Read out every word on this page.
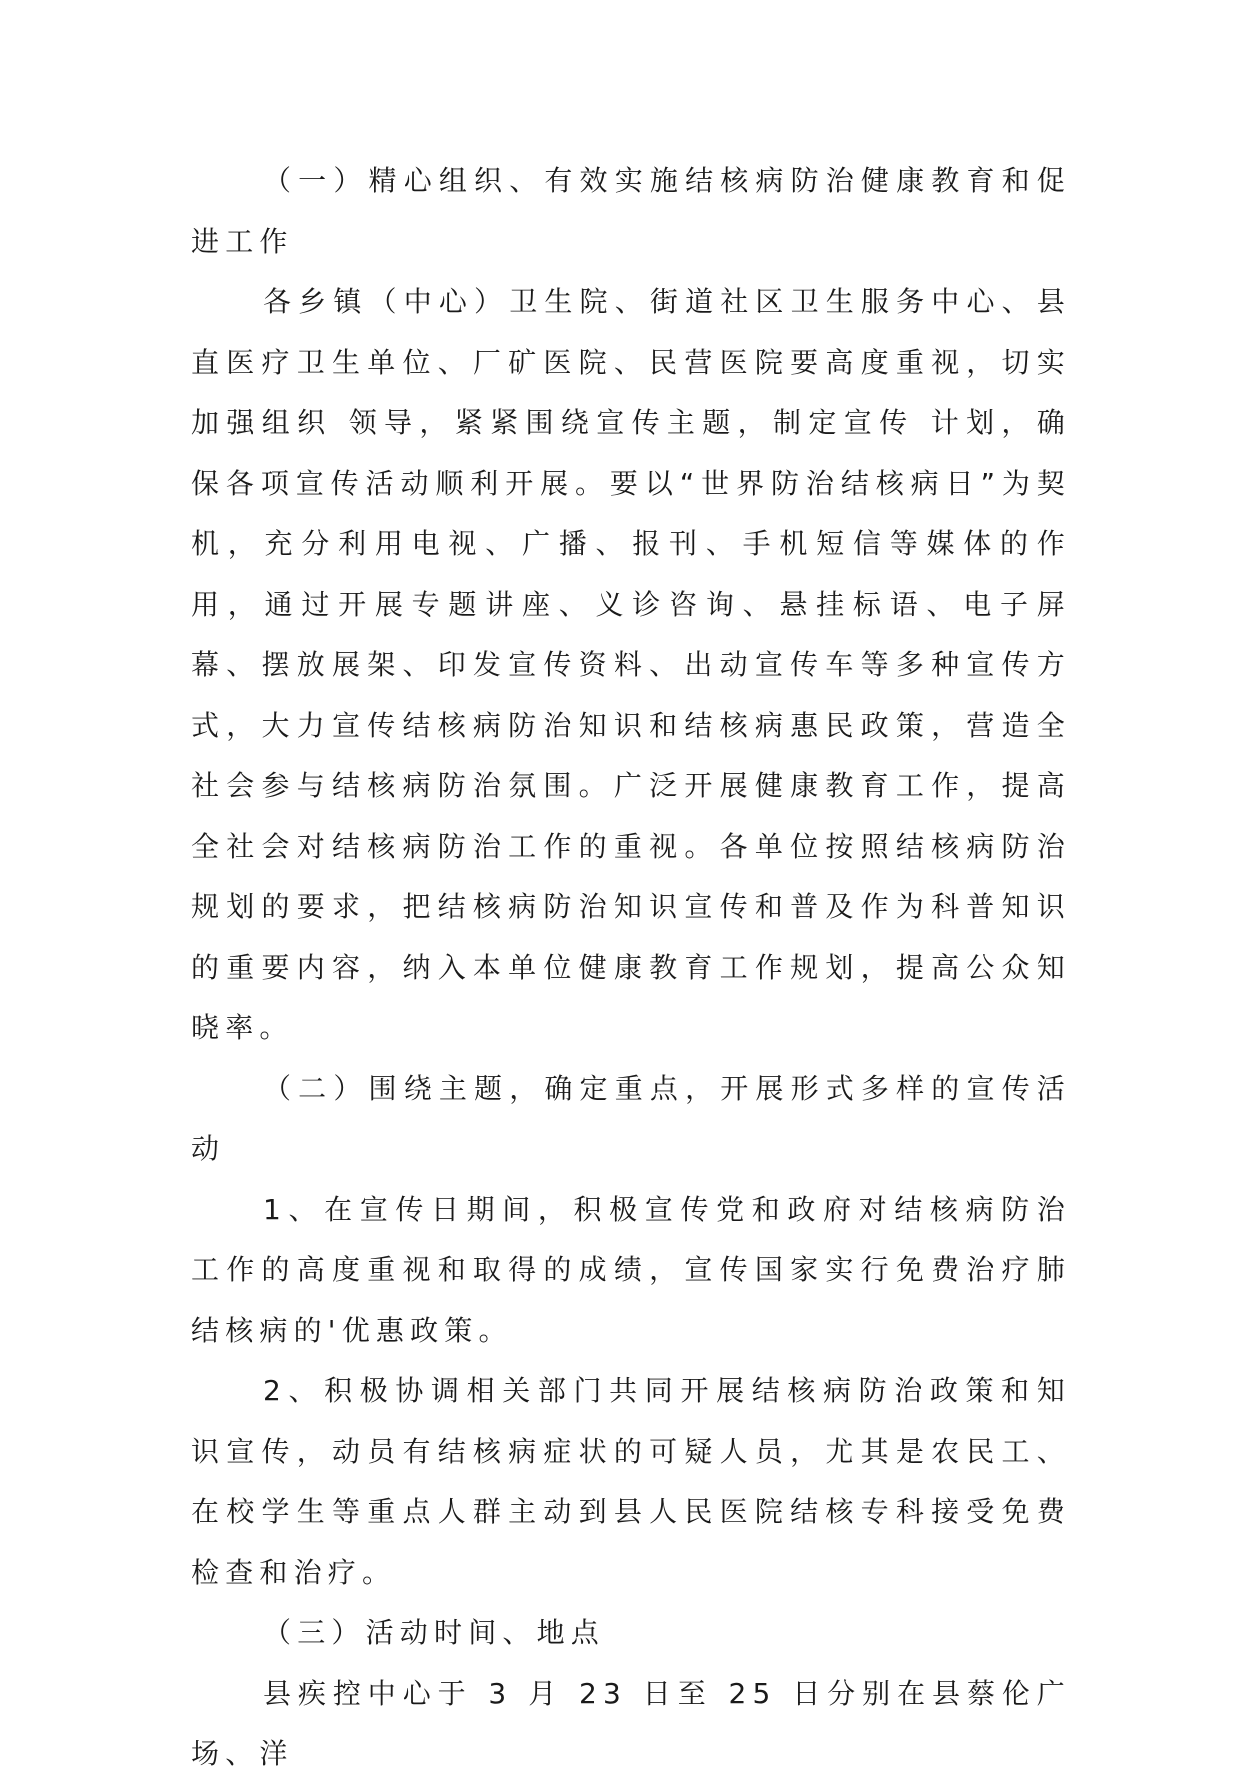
（一）精心组织、有效实施结核病防治健康教育和促进工作

各乡镇（中心）卫生院、街道社区卫生服务中心、县直医疗卫生单位、厂矿医院、民营医院要高度重视，切实加强组织 领导，紧紧围绕宣传主题，制定宣传 计划，确保各项宣传活动顺利开展。要以“世界防治结核病日”为契机，充分利用电视、广播、报刊、手机短信等媒体的作用，通过开展专题讲座、义诊咨询、悬挂标语、电子屏幕、摆放展架、印发宣传资料、出动宣传车等多种宣传方式，大力宣传结核病防治知识和结核病惠民政策，营造全社会参与结核病防治氛围。广泛开展健康教育工作，提高全社会对结核病防治工作的重视。各单位按照结核病防治规划的要求，把结核病防治知识宣传和普及作为科普知识的重要内容，纳入本单位健康教育工作规划，提高公众知晓率。

（二）围绕主题，确定重点，开展形式多样的宣传活动

1、在宣传日期间，积极宣传党和政府对结核病防治工作的高度重视和取得的成绩，宣传国家实行免费治疗肺结核病的'优惠政策。

2、积极协调相关部门共同开展结核病防治政策和知识宣传，动员有结核病症状的可疑人员，尤其是农民工、在校学生等重点人群主动到县人民医院结核专科接受免费检查和治疗。

（三）活动时间、地点

县疾控中心于 3 月 23 日至 25 日分别在县蔡伦广场、洋
